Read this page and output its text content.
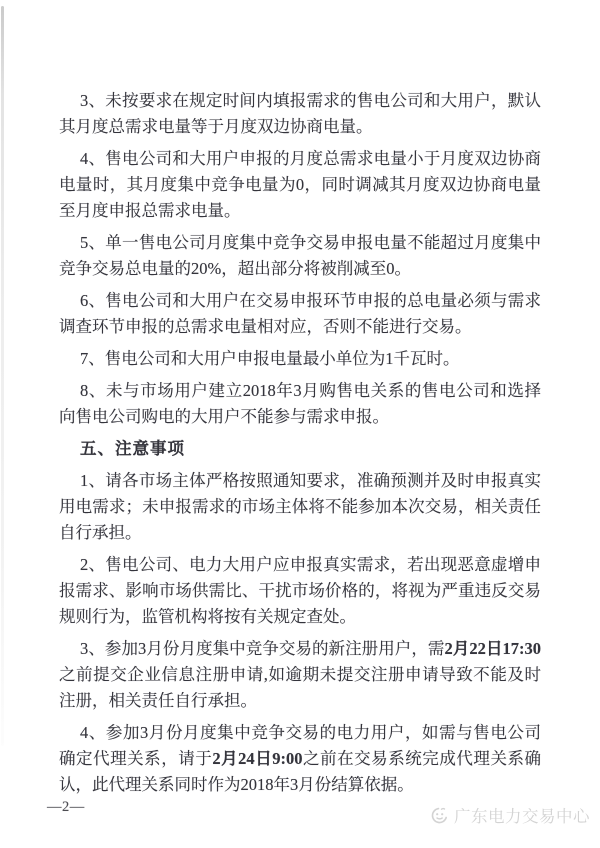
3、未按要求在规定时间内填报需求的售电公司和大用户，默认其月度总需求电量等于月度双边协商电量。

4、售电公司和大用户申报的月度总需求电量小于月度双边协商电量时，其月度集中竞争电量为0，同时调减其月度双边协商电量至月度申报总需求电量。

5、单一售电公司月度集中竞争交易申报电量不能超过月度集中竞争交易总电量的20%，超出部分将被削减至0。

6、售电公司和大用户在交易申报环节申报的总电量必须与需求调查环节申报的总需求电量相对应，否则不能进行交易。

7、售电公司和大用户申报电量最小单位为1千瓦时。

8、未与市场用户建立2018年3月购售电关系的售电公司和选择向售电公司购电的大用户不能参与需求申报。

五、注意事项

1、请各市场主体严格按照通知要求，准确预测并及时申报真实用电需求；未申报需求的市场主体将不能参加本次交易，相关责任自行承担。

2、售电公司、电力大用户应申报真实需求，若出现恶意虚增申报需求、影响市场供需比、干扰市场价格的，将视为严重违反交易规则行为，监管机构将按有关规定查处。

3、参加3月份月度集中竞争交易的新注册用户，需2月22日17:30之前提交企业信息注册申请,如逾期未提交注册申请导致不能及时注册，相关责任自行承担。

4、参加3月份月度集中竞争交易的电力用户，如需与售电公司确定代理关系，请于2月24日9:00之前在交易系统完成代理关系确认，此代理关系同时作为2018年3月份结算依据。

—2—	广东电力交易中心
